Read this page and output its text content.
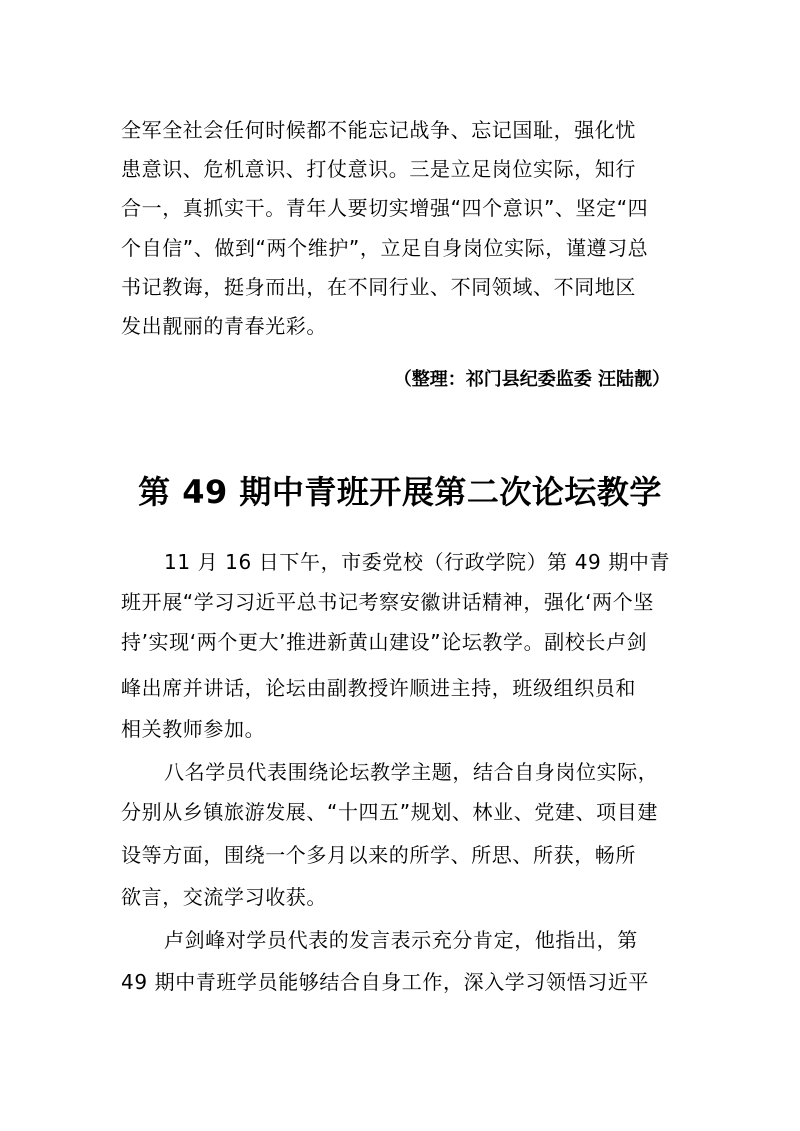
全军全社会任何时候都不能忘记战争、忘记国耻，强化忧
患意识、危机意识、打仗意识。三是立足岗位实际，知行
合一，真抓实干。青年人要切实增强“四个意识”、坚定“四
个自信”、做到“两个维护”，立足自身岗位实际，谨遵习总
书记教诲，挺身而出，在不同行业、不同领域、不同地区
发出靓丽的青春光彩。
（整理：祁门县纪委监委 汪陆靓）
第 49 期中青班开展第二次论坛教学
11 月 16 日下午，市委党校（行政学院）第 49 期中青
班开展“学习习近平总书记考察安徽讲话精神，强化‘两个坚
持’实现‘两个更大’推进新黄山建设”论坛教学。副校长卢剑
峰出席并讲话，论坛由副教授许顺进主持，班级组织员和
相关教师参加。
八名学员代表围绕论坛教学主题，结合自身岗位实际，
分别从乡镇旅游发展、“十四五”规划、林业、党建、项目建
设等方面，围绕一个多月以来的所学、所思、所获，畅所
欲言，交流学习收获。
卢剑峰对学员代表的发言表示充分肯定，他指出，第
49 期中青班学员能够结合自身工作，深入学习领悟习近平
